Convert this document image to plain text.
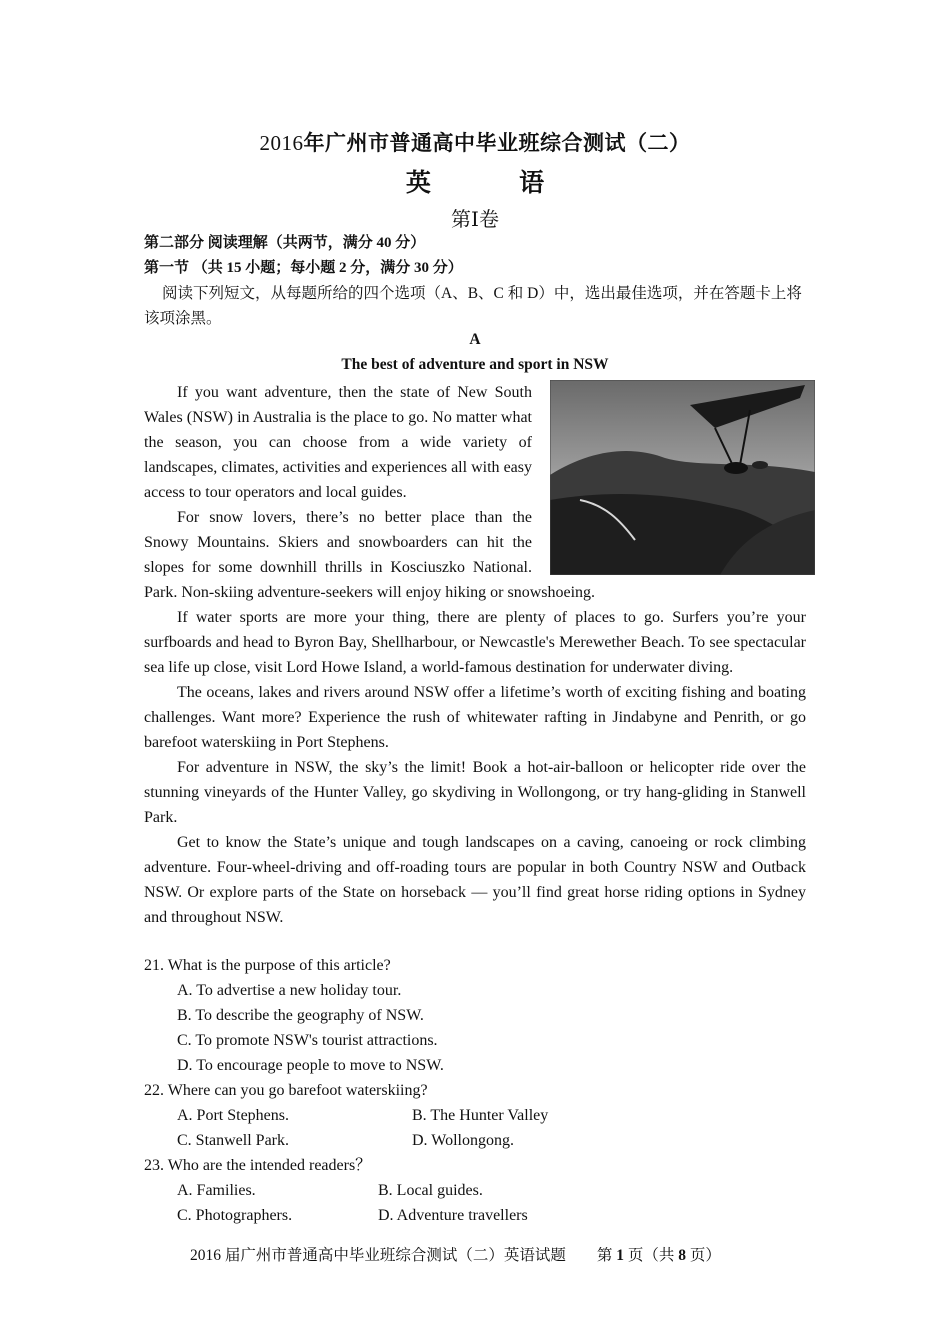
2016年广州市普通高中毕业班综合测试（二）
英 语
第Ⅰ卷
第二部分 阅读理解（共两节，满分 40 分）
第一节 （共 15 小题；每小题 2 分，满分 30 分）
阅读下列短文，从每题所给的四个选项（A、B、C 和 D）中，选出最佳选项，并在答题卡上将该项涂黑。
A
The best of adventure and sport in NSW

If you want adventure, then the state of New South Wales (NSW) in Australia is the place to go. No matter what the season, you can choose from a wide variety of landscapes, climates, activities and experiences all with easy access to tour operators and local guides.

For snow lovers, there’s no better place than the Snowy Mountains. Skiers and snowboarders can hit the slopes for some downhill thrills in Kosciuszko National. Park. Non-skiing adventure-seekers will enjoy hiking or snowshoeing.

If water sports are more your thing, there are plenty of places to go. Surfers you’re your surfboards and head to Byron Bay, Shellharbour, or Newcastle's Merewether Beach. To see spectacular sea life up close, visit Lord Howe Island, a world-famous destination for underwater diving.

The oceans, lakes and rivers around NSW offer a lifetime’s worth of exciting fishing and boating challenges. Want more? Experience the rush of whitewater rafting in Jindabyne and Penrith, or go barefoot waterskiing in Port Stephens.

For adventure in NSW, the sky’s the limit! Book a hot-air-balloon or helicopter ride over the stunning vineyards of the Hunter Valley, go skydiving in Wollongong, or try hang-gliding in Stanwell Park.

Get to know the State’s unique and tough landscapes on a caving, canoeing or rock climbing adventure. Four-wheel-driving and off-roading tours are popular in both Country NSW and Outback NSW. Or explore parts of the State on horseback — you’ll find great horse riding options in Sydney and throughout NSW.

21. What is the purpose of this article?

A. To advertise a new holiday tour.

B. To describe the geography of NSW.

C. To promote NSW's tourist attractions.

D. To encourage people to move to NSW.

22. Where can you go barefoot waterskiing?

A. Port Stephens.	B. The Hunter Valley
C. Stanwell Park.	D. Wollongong.

23. Who are the intended readers？

A. Families.	B. Local guides.
C. Photographers.	D. Adventure travellers
2016 届广州市普通高中毕业班综合测试（二）英语试题 第 1 页（共 8 页）
